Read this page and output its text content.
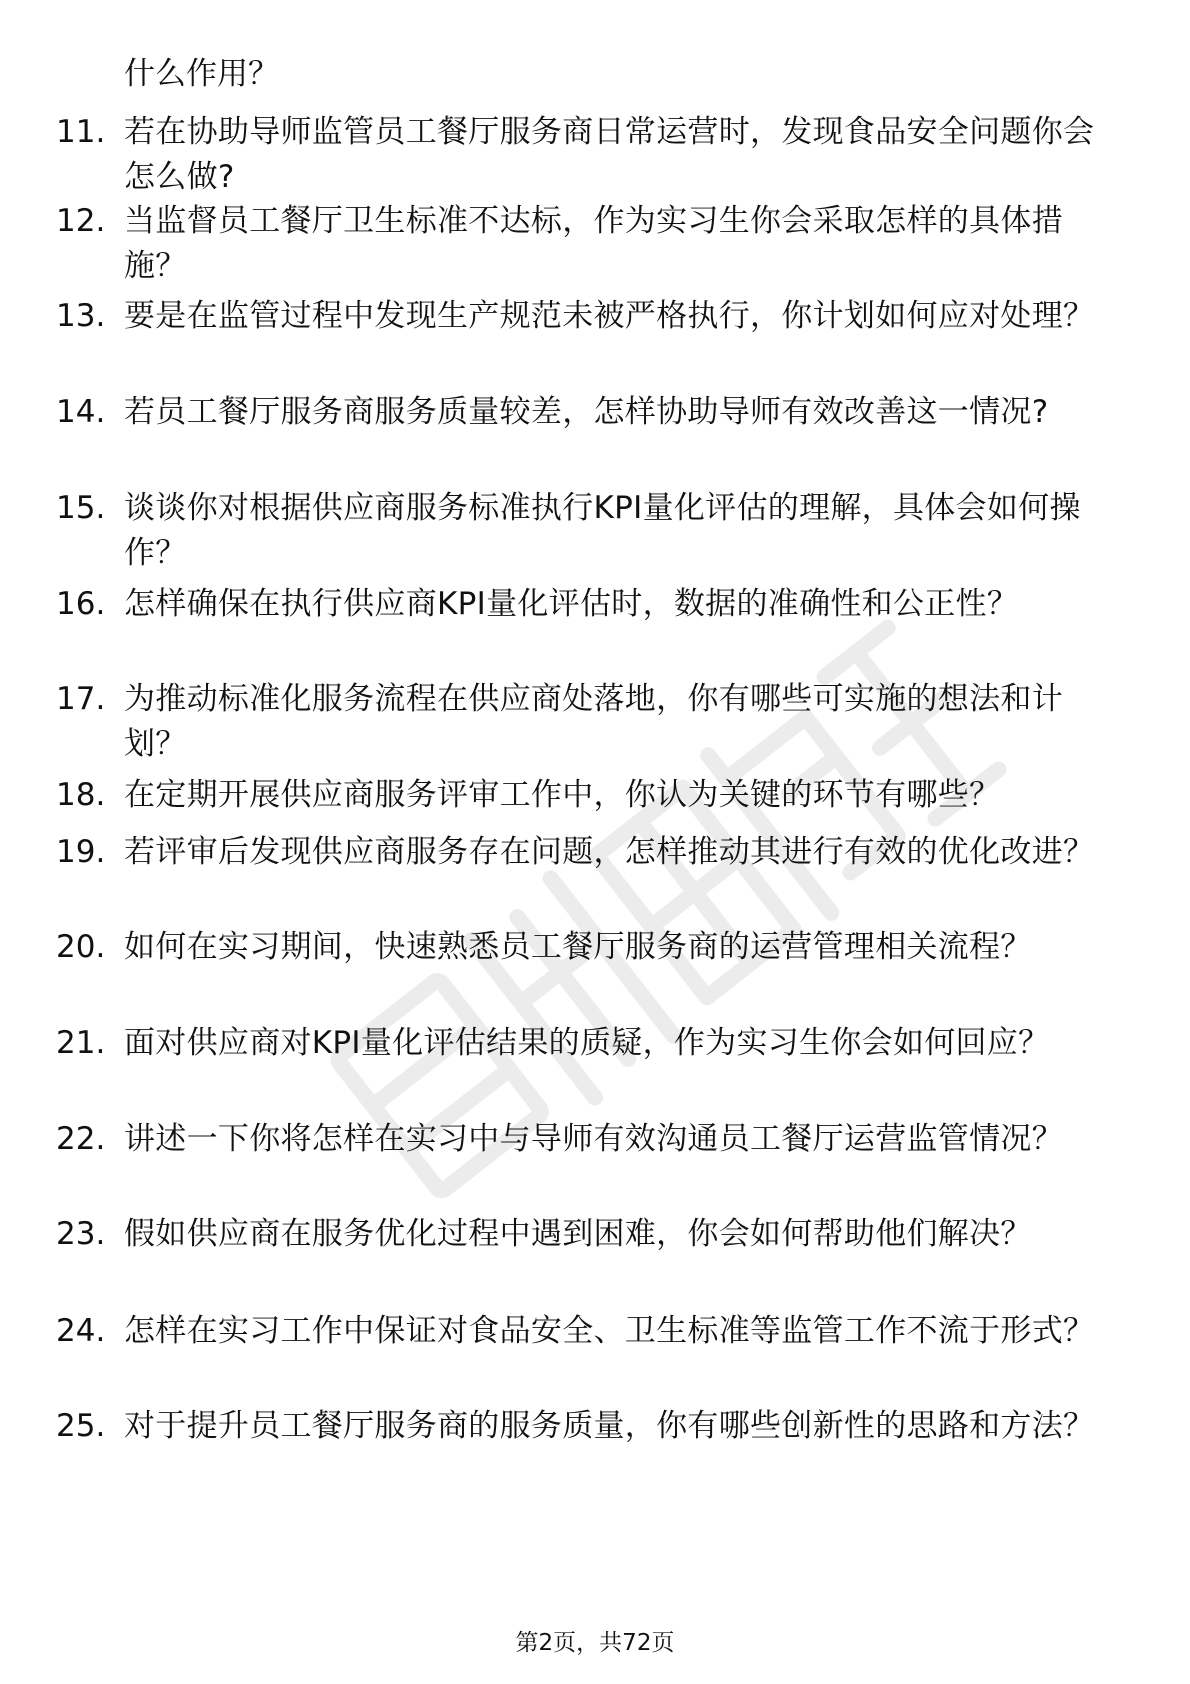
什么作用？
11. 若在协助导师监管员工餐厅服务商日常运营时，发现食品安全问题你会怎么做?
12. 当监督员工餐厅卫生标准不达标，作为实习生你会采取怎样的具体措施？
13. 要是在监管过程中发现生产规范未被严格执行，你计划如何应对处理？
14. 若员工餐厅服务商服务质量较差，怎样协助导师有效改善这一情况?
15. 谈谈你对根据供应商服务标准执行KPI量化评估的理解，具体会如何操作？
16. 怎样确保在执行供应商KPI量化评估时，数据的准确性和公正性？
17. 为推动标准化服务流程在供应商处落地，你有哪些可实施的想法和计划？
18. 在定期开展供应商服务评审工作中，你认为关键的环节有哪些？
19. 若评审后发现供应商服务存在问题，怎样推动其进行有效的优化改进？
20. 如何在实习期间，快速熟悉员工餐厅服务商的运营管理相关流程？
21. 面对供应商对KPI量化评估结果的质疑，作为实习生你会如何回应？
22. 讲述一下你将怎样在实习中与导师有效沟通员工餐厅运营监管情况？
23. 假如供应商在服务优化过程中遇到困难，你会如何帮助他们解决？
24. 怎样在实习工作中保证对食品安全、卫生标准等监管工作不流于形式？
25. 对于提升员工餐厅服务商的服务质量，你有哪些创新性的思路和方法？
第2页，共72页
